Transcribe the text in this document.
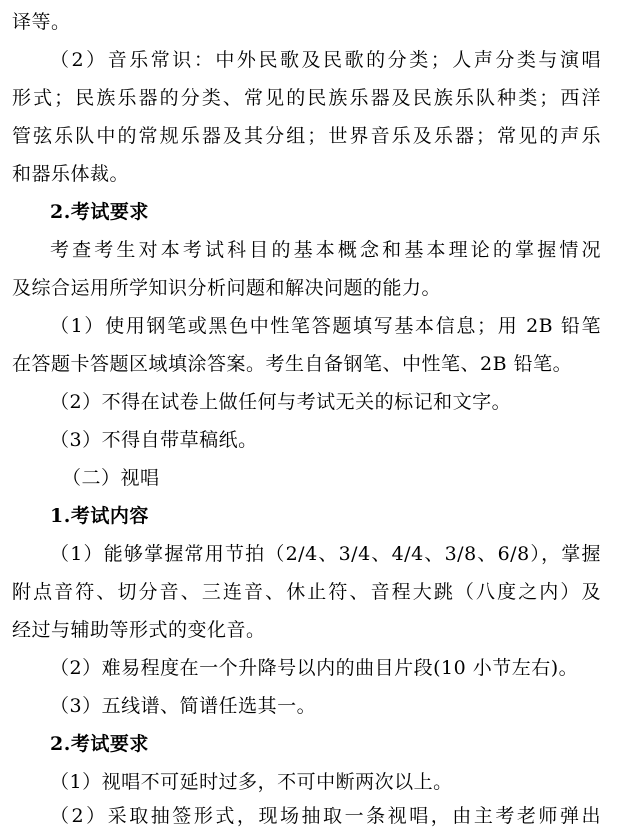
译等。
（2）音乐常识：中外民歌及民歌的分类；人声分类与演唱
形式；民族乐器的分类、常见的民族乐器及民族乐队种类；西洋
管弦乐队中的常规乐器及其分组；世界音乐及乐器；常见的声乐
和器乐体裁。
2.考试要求
考查考生对本考试科目的基本概念和基本理论的掌握情况
及综合运用所学知识分析问题和解决问题的能力。
（1）使用钢笔或黑色中性笔答题填写基本信息；用 2B 铅笔
在答题卡答题区域填涂答案。考生自备钢笔、中性笔、2B 铅笔。
（2）不得在试卷上做任何与考试无关的标记和文字。
（3）不得自带草稿纸。
（二）视唱
1.考试内容
（1）能够掌握常用节拍（2/4、3/4、4/4、3/8、6/8），掌握
附点音符、切分音、三连音、休止符、音程大跳（八度之内）及
经过与辅助等形式的变化音。
（2）难易程度在一个升降号以内的曲目片段(10 小节左右)。
（3）五线谱、简谱任选其一。
2.考试要求
（1）视唱不可延时过多，不可中断两次以上。
（2）采取抽签形式，现场抽取一条视唱，由主考老师弹出
